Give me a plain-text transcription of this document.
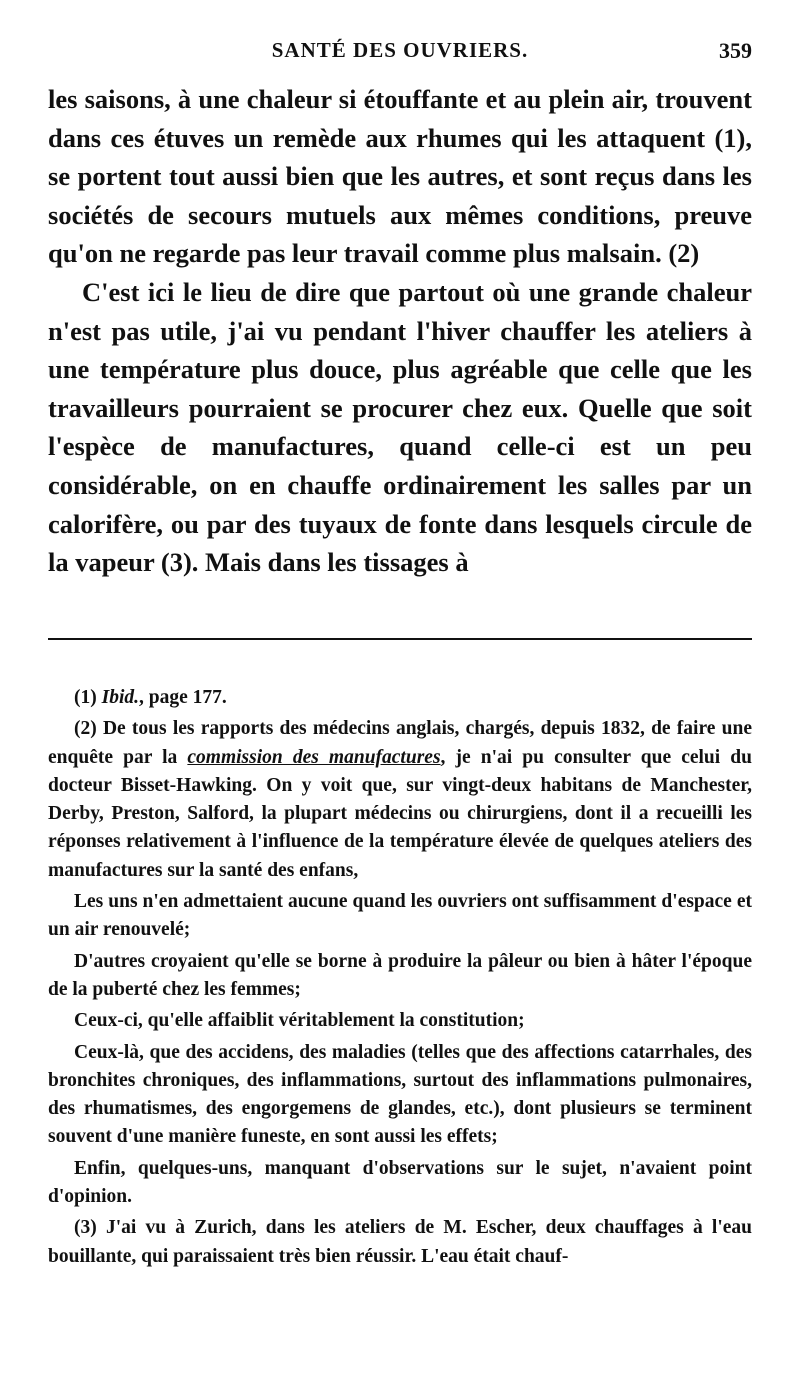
SANTÉ DES OUVRIERS.	359

les saisons, à une chaleur si étouffante et au plein air, trouvent dans ces étuves un remède aux rhumes qui les attaquent (1), se portent tout aussi bien que les autres, et sont reçus dans les sociétés de secours mutuels aux mêmes conditions, preuve qu'on ne regarde pas leur travail comme plus malsain. (2)

C'est ici le lieu de dire que partout où une grande chaleur n'est pas utile, j'ai vu pendant l'hiver chauffer les ateliers à une température plus douce, plus agréable que celle que les travailleurs pourraient se procurer chez eux. Quelle que soit l'espèce de manufactures, quand celle-ci est un peu considérable, on en chauffe ordinairement les salles par un calorifère, ou par des tuyaux de fonte dans lesquels circule de la vapeur (3). Mais dans les tissages à

(1) Ibid., page 177.

(2) De tous les rapports des médecins anglais, chargés, depuis 1832, de faire une enquête par la commission des manufactures, je n'ai pu consulter que celui du docteur Bisset-Hawking. On y voit que, sur vingt-deux habitans de Manchester, Derby, Preston, Salford, la plupart médecins ou chirurgiens, dont il a recueilli les réponses relativement à l'influence de la température élevée de quelques ateliers des manufactures sur la santé des enfans,

Les uns n'en admettaient aucune quand les ouvriers ont suffisamment d'espace et un air renouvelé;

D'autres croyaient qu'elle se borne à produire la pâleur ou bien à hâter l'époque de la puberté chez les femmes;

Ceux-ci, qu'elle affaiblit véritablement la constitution;

Ceux-là, que des accidens, des maladies (telles que des affections catarrhales, des bronchites chroniques, des inflammations, surtout des inflammations pulmonaires, des rhumatismes, des engorgemens de glandes, etc.), dont plusieurs se terminent souvent d'une manière funeste, en sont aussi les effets;

Enfin, quelques-uns, manquant d'observations sur le sujet, n'avaient point d'opinion.

(3) J'ai vu à Zurich, dans les ateliers de M. Escher, deux chauffages à l'eau bouillante, qui paraissaient très bien réussir. L'eau était chauf-
